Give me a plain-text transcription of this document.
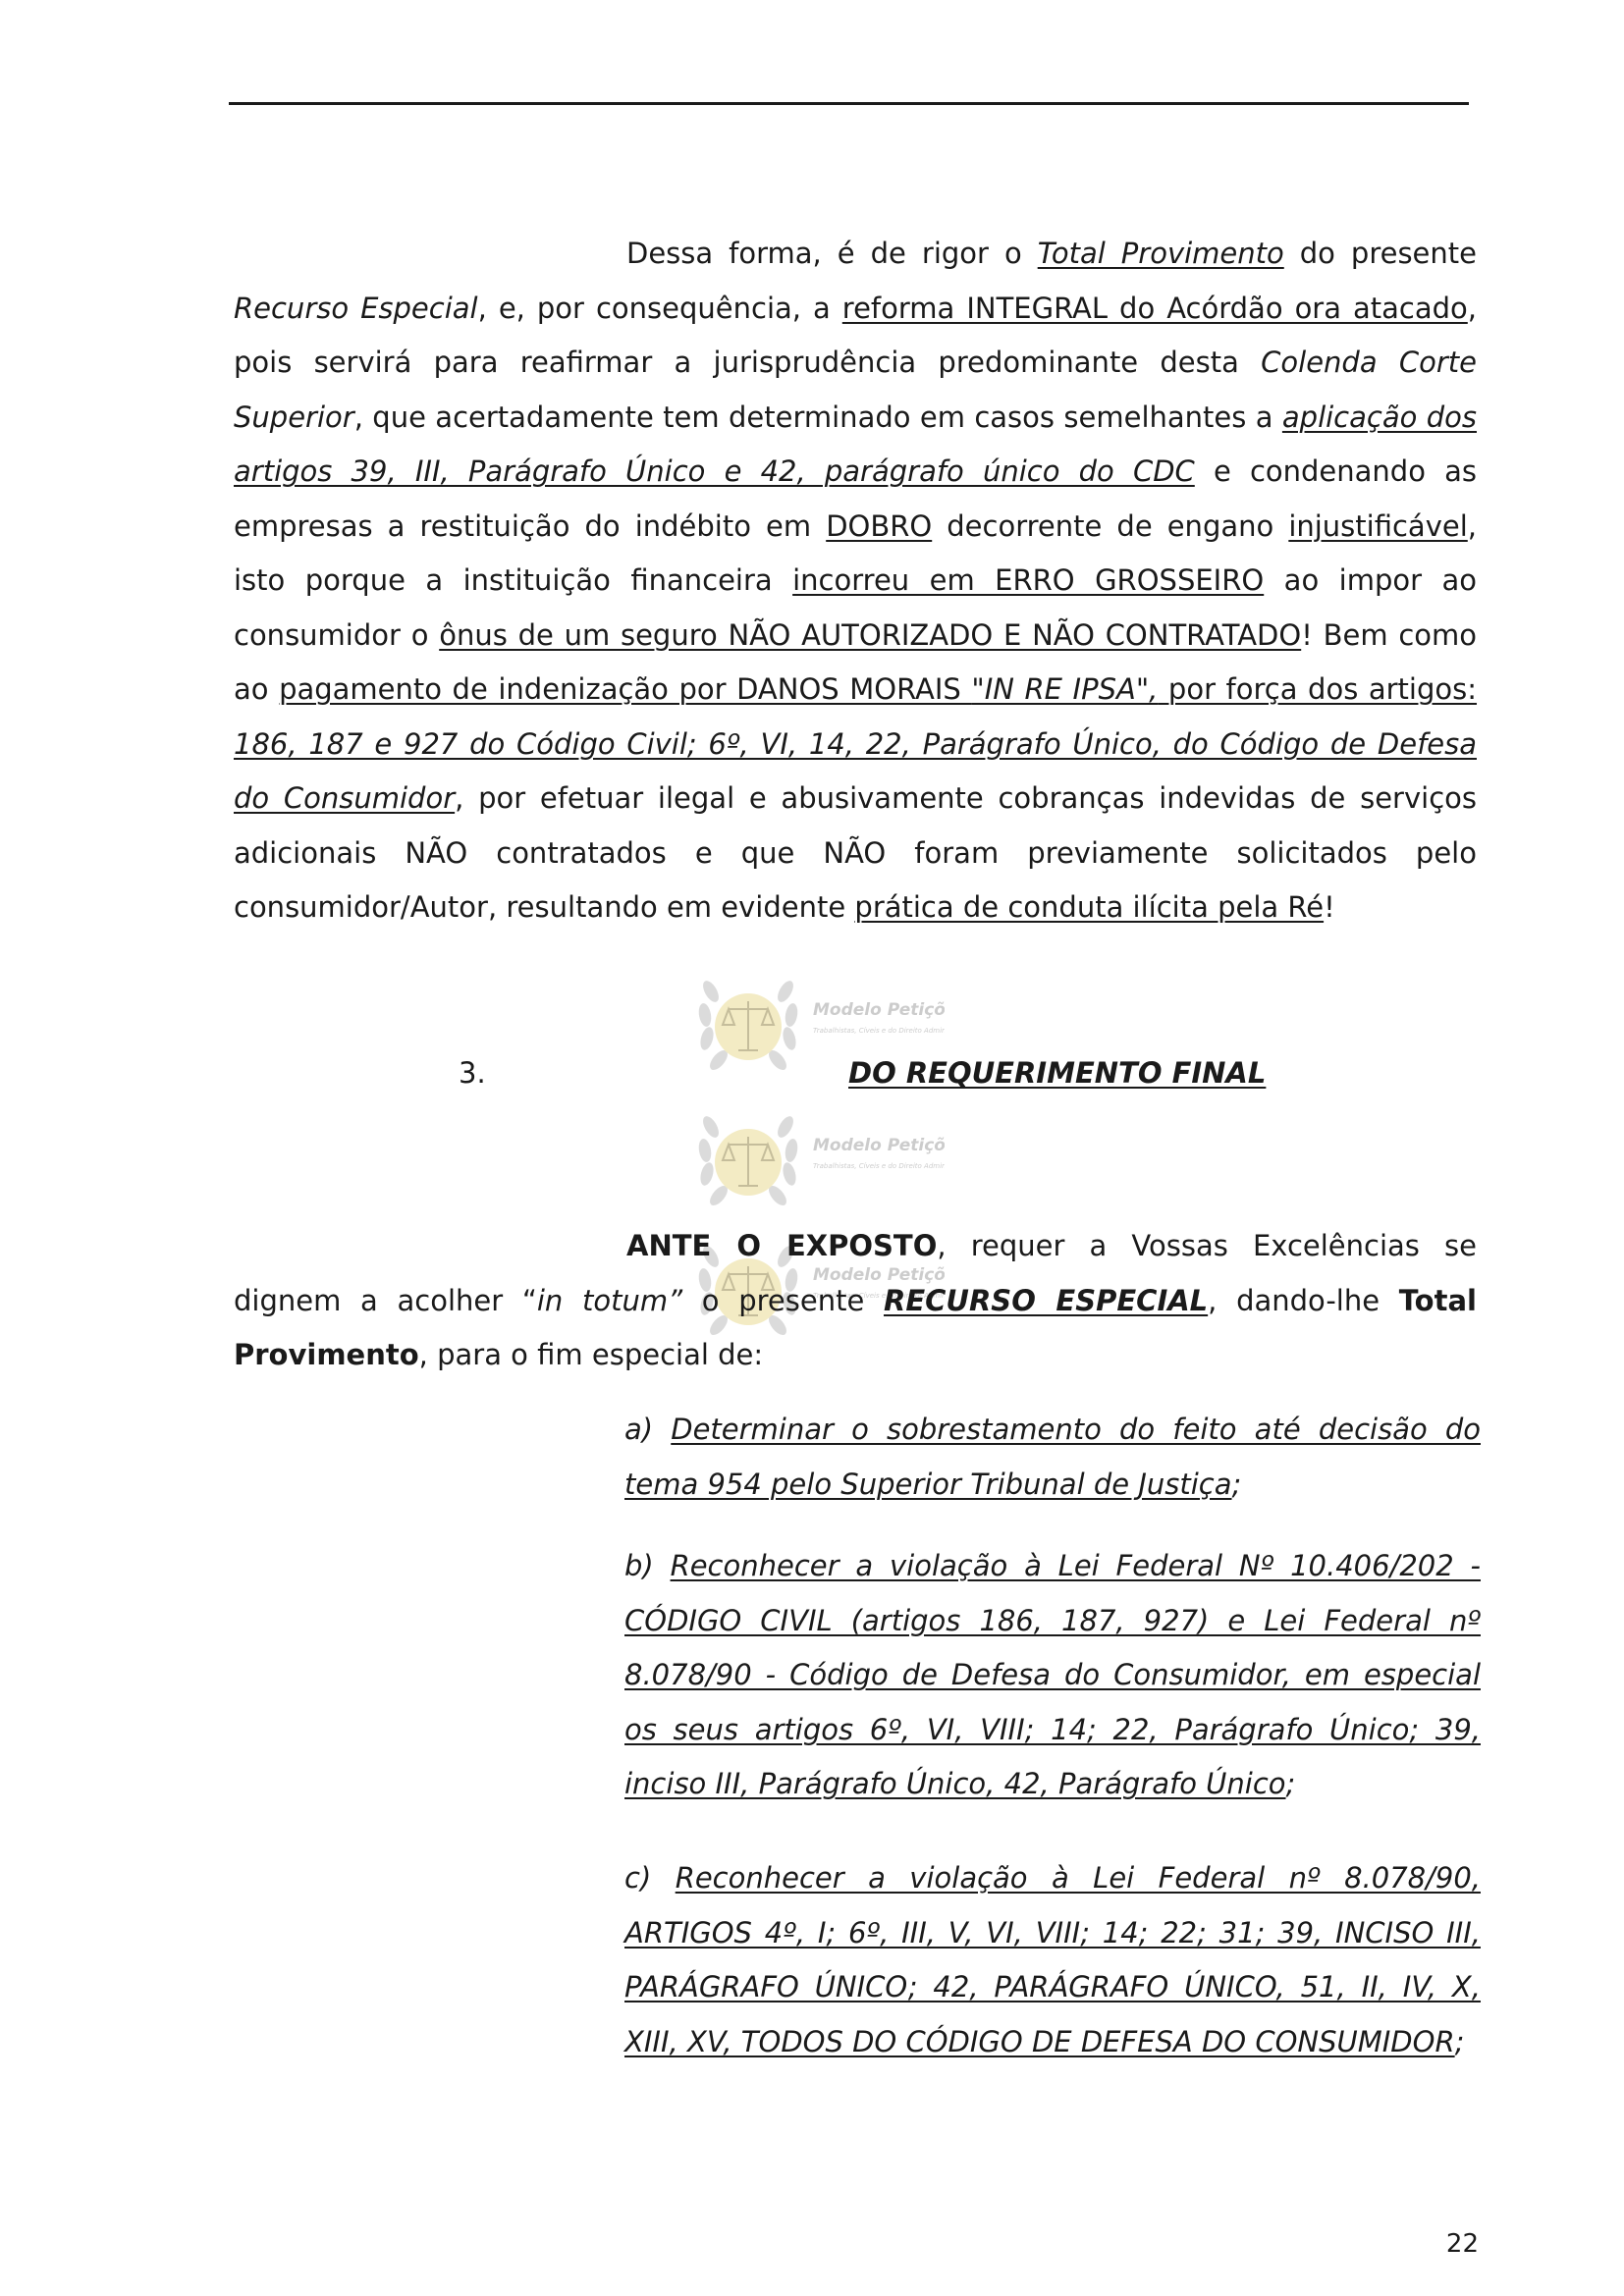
Modelo Petiçõ
Trabalhistas, Cíveis e do Direito Admi
Modelo Petiçõ
Trabalhistas, Cíveis e do Direito Admi
Modelo Petiçõ
Trabalhistas, Cíveis e do Direito Admi

Dessa forma, é de rigor o Total Provimento do presente Recurso Especial, e, por consequência, a reforma INTEGRAL do Acórdão ora atacado, pois servirá para reafirmar a jurisprudência predominante desta Colenda Corte Superior, que acertadamente tem determinado em casos semelhantes a aplicação dos artigos 39, III, Parágrafo Único e 42, parágrafo único do CDC e condenando as empresas a restituição do indébito em DOBRO decorrente de engano injustificável, isto porque a instituição financeira incorreu em ERRO GROSSEIRO ao impor ao consumidor o ônus de um seguro NÃO AUTORIZADO E NÃO CONTRATADO! Bem como ao pagamento de indenização por DANOS MORAIS "IN RE IPSA", por força dos artigos: 186, 187 e 927 do Código Civil; 6º, VI, 14, 22, Parágrafo Único, do Código de Defesa do Consumidor, por efetuar ilegal e abusivamente cobranças indevidas de serviços adicionais NÃO contratados e que NÃO foram previamente solicitados pelo consumidor/Autor, resultando em evidente prática de conduta ilícita pela Ré!

3.	DO REQUERIMENTO FINAL

ANTE O EXPOSTO, requer a Vossas Excelências se dignem a acolher “in totum” o presente RECURSO ESPECIAL, dando-lhe Total Provimento, para o fim especial de:

a) Determinar o sobrestamento do feito até decisão do tema 954 pelo Superior Tribunal de Justiça;

b) Reconhecer a violação à Lei Federal Nº 10.406/202 - CÓDIGO CIVIL (artigos 186, 187, 927) e Lei Federal nº 8.078/90 - Código de Defesa do Consumidor, em especial os seus artigos 6º, VI, VIII; 14; 22, Parágrafo Único; 39, inciso III, Parágrafo Único, 42, Parágrafo Único;

c) Reconhecer a violação à Lei Federal nº 8.078/90, ARTIGOS 4º, I; 6º, III, V, VI, VIII; 14; 22; 31; 39, INCISO III, PARÁGRAFO ÚNICO; 42, PARÁGRAFO ÚNICO, 51, II, IV, X, XIII, XV, TODOS DO CÓDIGO DE DEFESA DO CONSUMIDOR;

22
